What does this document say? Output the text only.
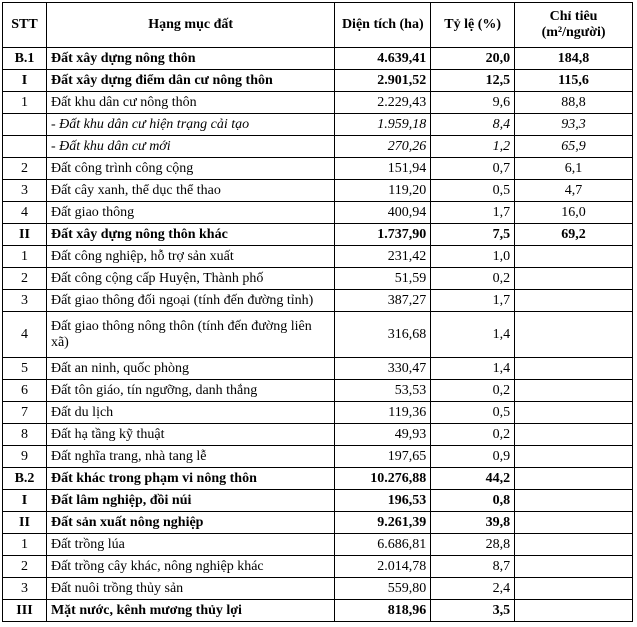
STT	Hạng mục đất	Diện tích (ha)	Tỷ lệ (%)	Chỉ tiêu (m²/người)
B.1	Đất xây dựng nông thôn	4.639,41	20,0	184,8
I	Đất xây dựng điểm dân cư nông thôn	2.901,52	12,5	115,6
1	Đất khu dân cư nông thôn	2.229,43	9,6	88,8
	- Đất khu dân cư hiện trạng cải tạo	1.959,18	8,4	93,3
	- Đất khu dân cư mới	270,26	1,2	65,9
2	Đất công trình công cộng	151,94	0,7	6,1
3	Đất cây xanh, thể dục thể thao	119,20	0,5	4,7
4	Đất giao thông	400,94	1,7	16,0
II	Đất xây dựng nông thôn khác	1.737,90	7,5	69,2
1	Đất công nghiệp, hỗ trợ sản xuất	231,42	1,0	
2	Đất công cộng cấp Huyện, Thành phố	51,59	0,2	
3	Đất giao thông đối ngoại (tính đến đường tỉnh)	387,27	1,7	
4	Đất giao thông nông thôn (tính đến đường liên xã)	316,68	1,4	
5	Đất an ninh, quốc phòng	330,47	1,4	
6	Đất tôn giáo, tín ngưỡng, danh thắng	53,53	0,2	
7	Đất du lịch	119,36	0,5	
8	Đất hạ tầng kỹ thuật	49,93	0,2	
9	Đất nghĩa trang, nhà tang lễ	197,65	0,9	
B.2	Đất khác trong phạm vi nông thôn	10.276,88	44,2	
I	Đất lâm nghiệp, đồi núi	196,53	0,8	
II	Đất sản xuất nông nghiệp	9.261,39	39,8	
1	Đất trồng lúa	6.686,81	28,8	
2	Đất trồng cây khác, nông nghiệp khác	2.014,78	8,7	
3	Đất nuôi trồng thủy sản	559,80	2,4	
III	Mặt nước, kênh mương thủy lợi	818,96	3,5	
